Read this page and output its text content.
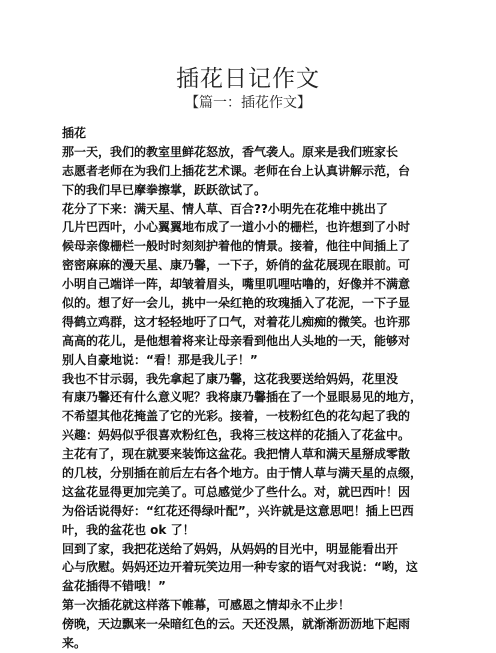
插花日记作文
【篇一：插花作文】
插花
那一天，我们的教室里鲜花怒放，香气袭人。原来是我们班家长
志愿者老师在为我们上插花艺术课。老师在台上认真讲解示范，台
下的我们早已摩拳擦掌，跃跃欲试了。
花分了下来：满天星、情人草、百合??小明先在花堆中挑出了
几片巴西叶，小心翼翼地布成了一道小小的栅栏，也许想到了小时
候母亲像栅栏一般时时刻刻护着他的情景。接着，他往中间插上了
密密麻麻的漫天星、康乃馨，一下子，娇俏的盆花展现在眼前。可
小明自己端详一阵，却皱着眉头，嘴里叽哩咕噜的，好像并不满意
似的。想了好一会儿，挑中一朵红艳的玫瑰插入了花泥，一下子显
得鹤立鸡群，这才轻轻地吁了口气，对着花儿痴痴的微笑。也许那
高高的花儿，是他想着将来让母亲看到他出人头地的一天，能够对
别人自豪地说：“看！那是我儿子！”
我也不甘示弱，我先拿起了康乃馨，这花我要送给妈妈，花里没
有康乃馨还有什么意义呢？我将康乃馨插在了一个显眼易见的地方，
不希望其他花掩盖了它的光彩。接着，一枝粉红色的花勾起了我的
兴趣：妈妈似乎很喜欢粉红色，我将三枝这样的花插入了花盆中。
主花有了，现在就要来装饰这盆花。我把情人草和满天星掰成零散
的几枝，分别插在前后左右各个地方。由于情人草与满天星的点缀，
这盆花显得更加完美了。可总感觉少了些什么。对，就巴西叶！因
为俗话说得好：“红花还得绿叶配”，兴许就是这意思吧！插上巴西
叶，我的盆花也 ok 了！
回到了家，我把花送给了妈妈，从妈妈的目光中，明显能看出开
心与欣慰。妈妈还边开着玩笑边用一种专家的语气对我说：“哟，这
盆花插得不错哦！”
第一次插花就这样落下帷幕，可感恩之情却永不止步！
傍晚，天边飘来一朵暗红色的云。天还没黑，就渐渐沥沥地下起雨
来。
